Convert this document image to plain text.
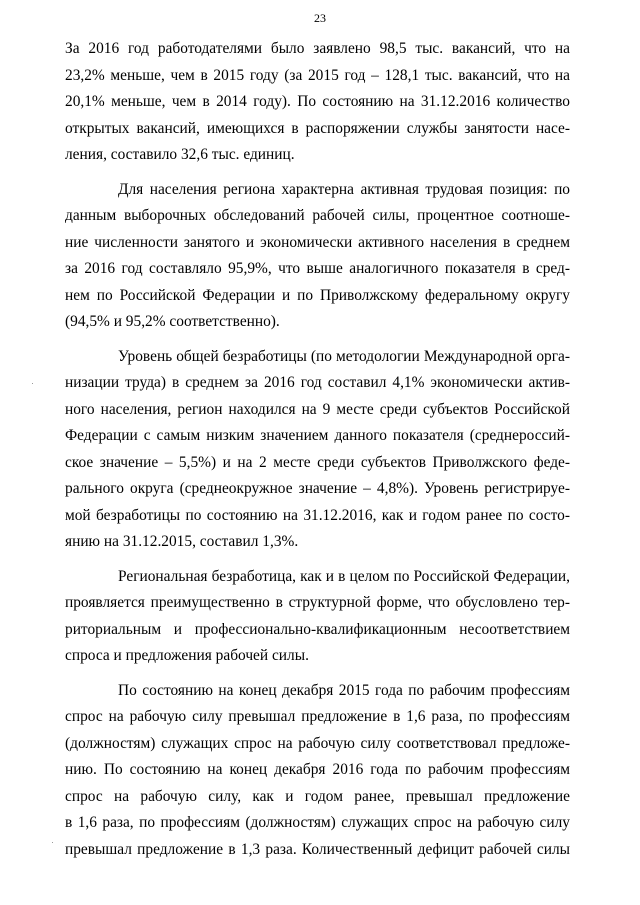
23
За 2016 год работодателями было заявлено 98,5 тыс. вакансий, что на
23,2% меньше, чем в 2015 году (за 2015 год – 128,1 тыс. вакансий, что на
20,1% меньше, чем в 2014 году). По состоянию на 31.12.2016 количество
открытых вакансий, имеющихся в распоряжении службы занятости насе-
ления, составило 32,6 тыс. единиц.
Для населения региона характерна активная трудовая позиция: по
данным выборочных обследований рабочей силы, процентное соотноше-
ние численности занятого и экономически активного населения в среднем
за 2016 год составляло 95,9%, что выше аналогичного показателя в сред-
нем по Российской Федерации и по Приволжскому федеральному округу
(94,5% и 95,2% соответственно).
Уровень общей безработицы (по методологии Международной орга-
низации труда) в среднем за 2016 год составил 4,1% экономически актив-
ного населения, регион находился на 9 месте среди субъектов Российской
Федерации с самым низким значением данного показателя (среднероссий-
ское значение – 5,5%) и на 2 месте среди субъектов Приволжского феде-
рального округа (среднеокружное значение – 4,8%). Уровень регистрируе-
мой безработицы по состоянию на 31.12.2016, как и годом ранее по состо-
янию на 31.12.2015, составил 1,3%.
Региональная безработица, как и в целом по Российской Федерации,
проявляется преимущественно в структурной форме, что обусловлено тер-
риториальным и профессионально-квалификационным несоответствием
спроса и предложения рабочей силы.
По состоянию на конец декабря 2015 года по рабочим профессиям
спрос на рабочую силу превышал предложение в 1,6 раза, по профессиям
(должностям) служащих спрос на рабочую силу соответствовал предложе-
нию. По состоянию на конец декабря 2016 года по рабочим профессиям
спрос на рабочую силу, как и годом ранее, превышал предложение
в 1,6 раза, по профессиям (должностям) служащих спрос на рабочую силу
превышал предложение в 1,3 раза. Количественный дефицит рабочей силы
